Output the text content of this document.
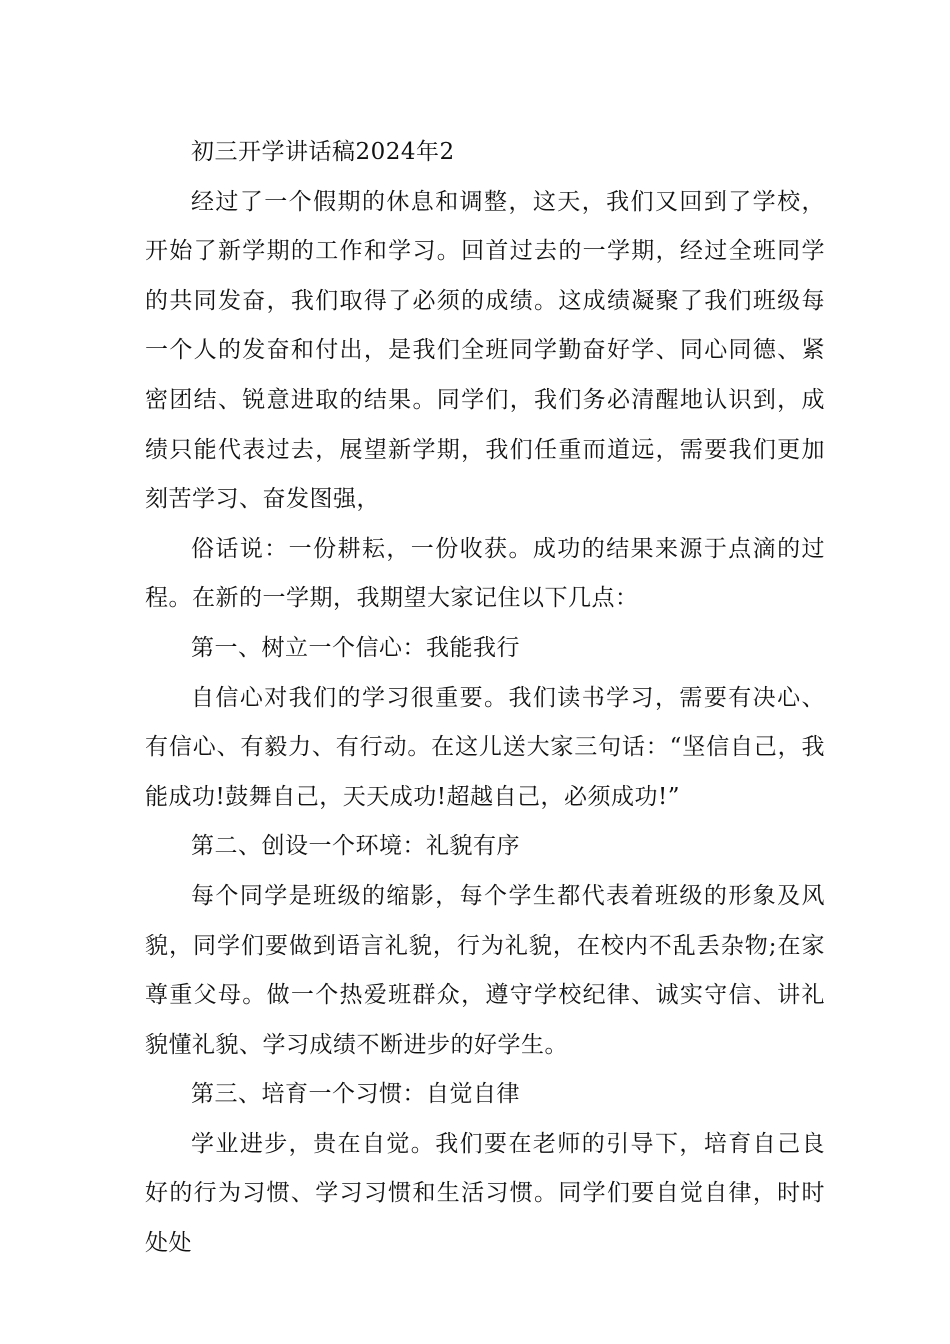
初三开学讲话稿2024年2

经过了一个假期的休息和调整，这天，我们又回到了学校，开始了新学期的工作和学习。回首过去的一学期，经过全班同学的共同发奋，我们取得了必须的成绩。这成绩凝聚了我们班级每一个人的发奋和付出，是我们全班同学勤奋好学、同心同德、紧密团结、锐意进取的结果。同学们，我们务必清醒地认识到，成绩只能代表过去，展望新学期，我们任重而道远，需要我们更加刻苦学习、奋发图强，

俗话说：一份耕耘，一份收获。成功的结果来源于点滴的过程。在新的一学期，我期望大家记住以下几点：

第一、树立一个信心：我能我行

自信心对我们的学习很重要。我们读书学习，需要有决心、有信心、有毅力、有行动。在这儿送大家三句话：“坚信自己，我能成功!鼓舞自己，天天成功!超越自己，必须成功!”

第二、创设一个环境：礼貌有序

每个同学是班级的缩影，每个学生都代表着班级的形象及风貌，同学们要做到语言礼貌，行为礼貌，在校内不乱丢杂物;在家尊重父母。做一个热爱班群众，遵守学校纪律、诚实守信、讲礼貌懂礼貌、学习成绩不断进步的好学生。

第三、培育一个习惯：自觉自律

学业进步，贵在自觉。我们要在老师的引导下，培育自己良好的行为习惯、学习习惯和生活习惯。同学们要自觉自律，时时处处
